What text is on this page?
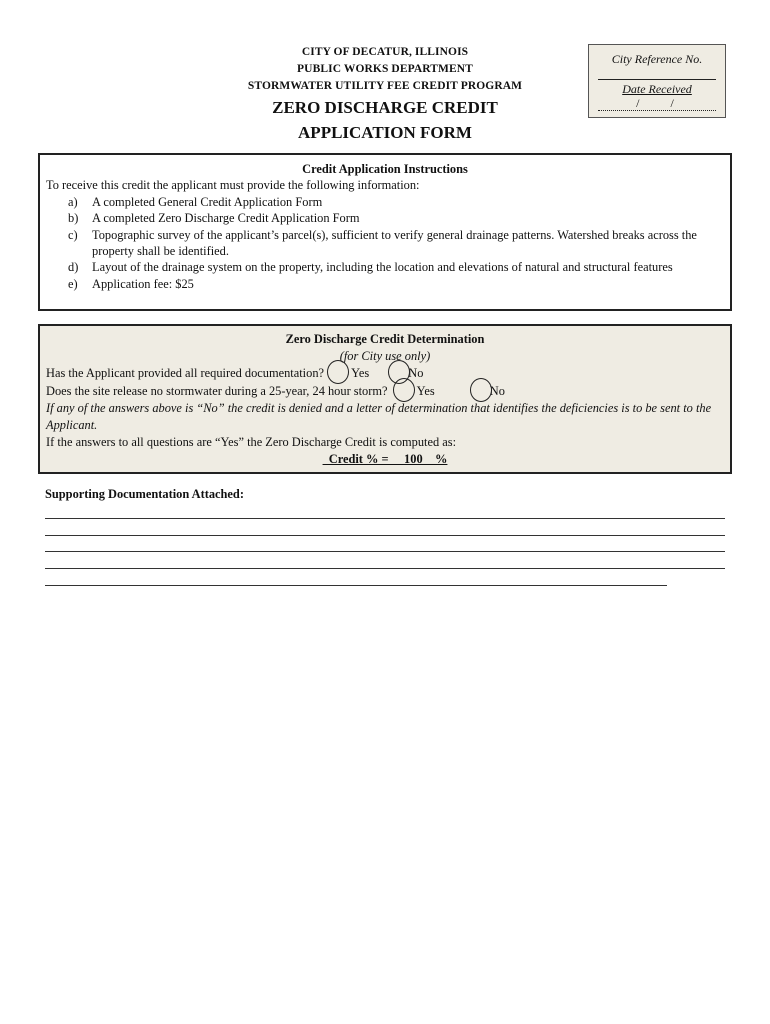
CITY OF DECATUR, ILLINOIS
PUBLIC WORKS DEPARTMENT
STORMWATER UTILITY FEE CREDIT PROGRAM
ZERO DISCHARGE CREDIT
APPLICATION FORM
City Reference No.
Date Received
/ /
Credit Application Instructions
To receive this credit the applicant must provide the following information:
a) A completed General Credit Application Form
b) A completed Zero Discharge Credit Application Form
c) Topographic survey of the applicant’s parcel(s), sufficient to verify general drainage patterns. Watershed breaks across the property shall be identified.
d) Layout of the drainage system on the property, including the location and elevations of natural and structural features
e) Application fee: $25
Zero Discharge Credit Determination
(for City use only)
Has the Applicant provided all required documentation? Yes	No
Does the site release no stormwater during a 25-year, 24 hour storm? Yes	No
If any of the answers above is “No” the credit is denied and a letter of determination that identifies the deficiencies is to be sent to the Applicant.
If the answers to all questions are “Yes” the Zero Discharge Credit is computed as:
Credit % =     100    %
Supporting Documentation Attached:
